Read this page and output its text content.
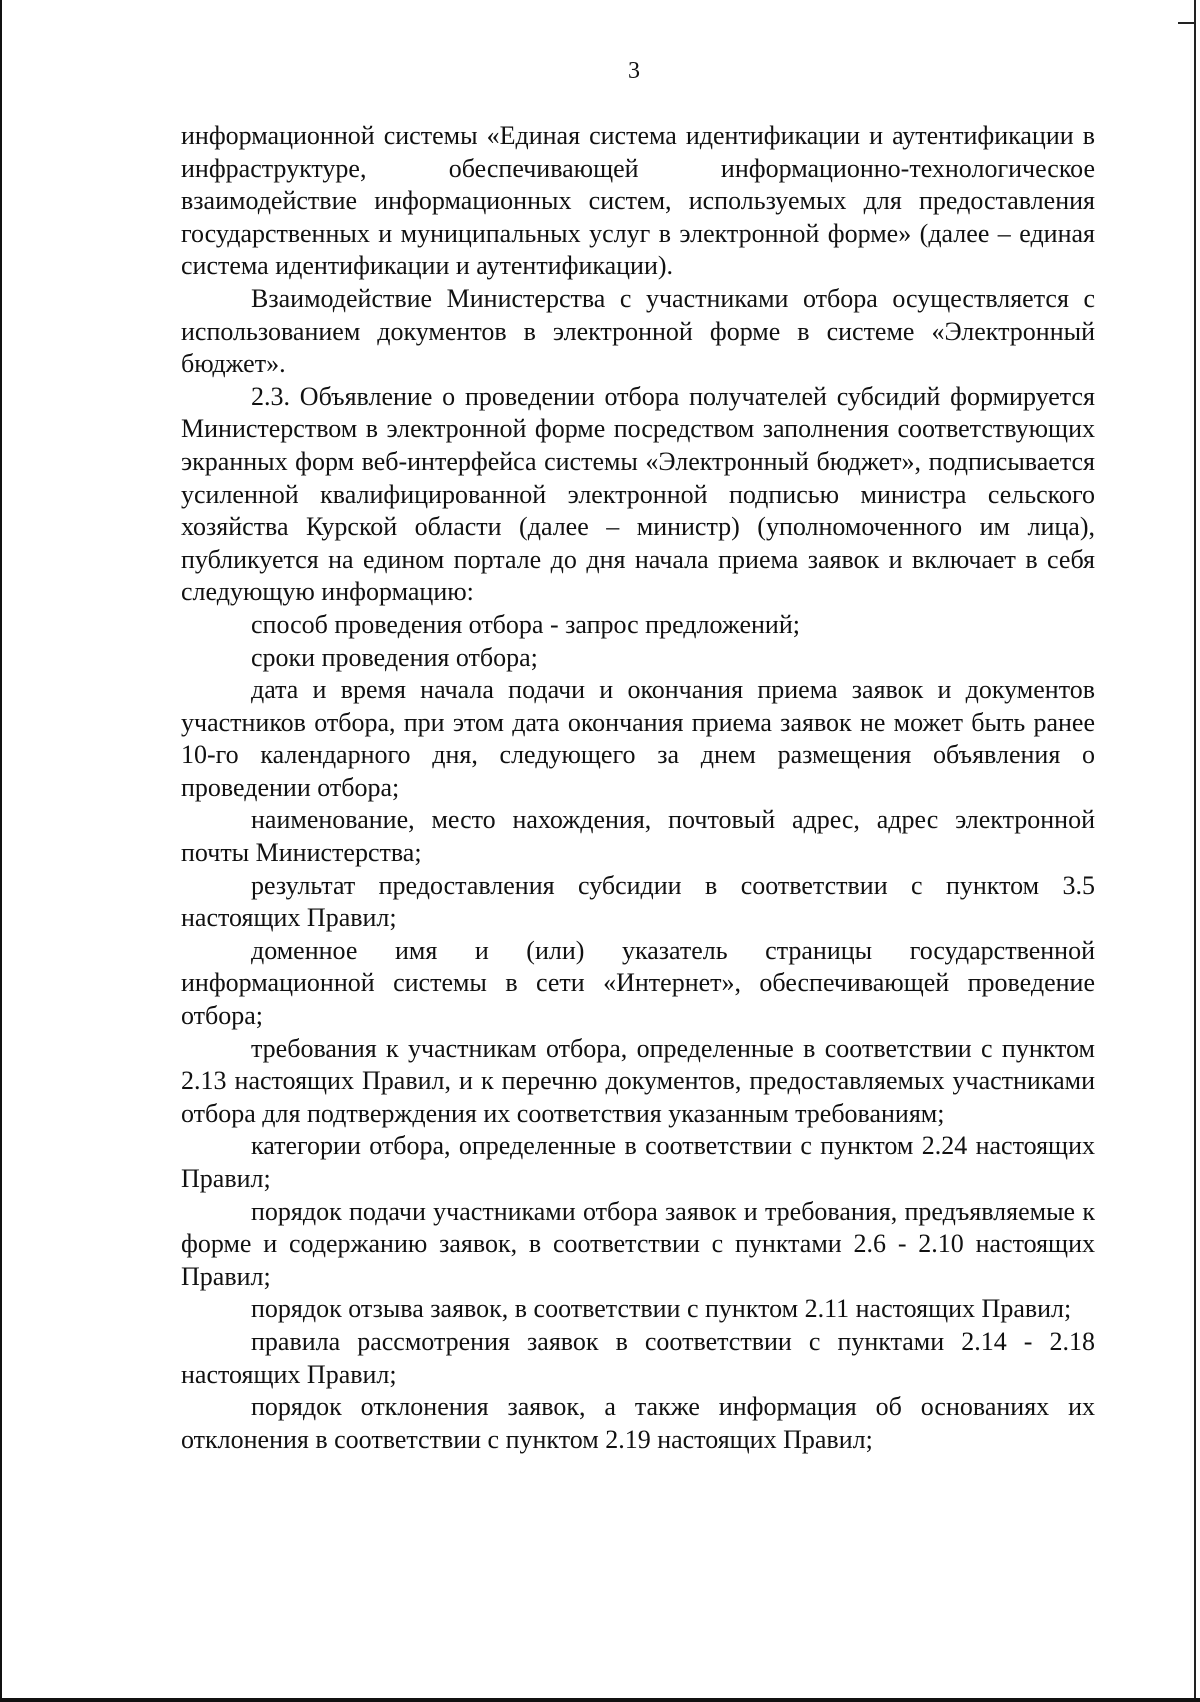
3

информационной системы «Единая система идентификации и аутентификации в инфраструктуре, обеспечивающей информационно-технологическое взаимодействие информационных систем, используемых для предоставления государственных и муниципальных услуг в электронной форме» (далее – единая система идентификации и аутентификации).

Взаимодействие Министерства с участниками отбора осуществляется с использованием документов в электронной форме в системе «Электронный бюджет».

2.3. Объявление о проведении отбора получателей субсидий формируется Министерством в электронной форме посредством заполнения соответствующих экранных форм веб-интерфейса системы «Электронный бюджет», подписывается усиленной квалифицированной электронной подписью министра сельского хозяйства Курской области (далее – министр) (уполномоченного им лица), публикуется на едином портале до дня начала приема заявок и включает в себя следующую информацию:

способ проведения отбора - запрос предложений;

сроки проведения отбора;

дата и время начала подачи и окончания приема заявок и документов участников отбора, при этом дата окончания приема заявок не может быть ранее 10-го календарного дня, следующего за днем размещения объявления о проведении отбора;

наименование, место нахождения, почтовый адрес, адрес электронной почты Министерства;

результат предоставления субсидии в соответствии с пунктом 3.5 настоящих Правил;

доменное имя и (или) указатель страницы государственной информационной системы в сети «Интернет», обеспечивающей проведение отбора;

требования к участникам отбора, определенные в соответствии с пунктом 2.13 настоящих Правил, и к перечню документов, предоставляемых участниками отбора для подтверждения их соответствия указанным требованиям;

категории отбора, определенные в соответствии с пунктом 2.24 настоящих Правил;

порядок подачи участниками отбора заявок и требования, предъявляемые к форме и содержанию заявок, в соответствии с пунктами 2.6 - 2.10 настоящих Правил;

порядок отзыва заявок, в соответствии с пунктом 2.11 настоящих Правил;

правила рассмотрения заявок в соответствии с пунктами 2.14 - 2.18 настоящих Правил;

порядок отклонения заявок, а также информация об основаниях их отклонения в соответствии с пунктом 2.19 настоящих Правил;
